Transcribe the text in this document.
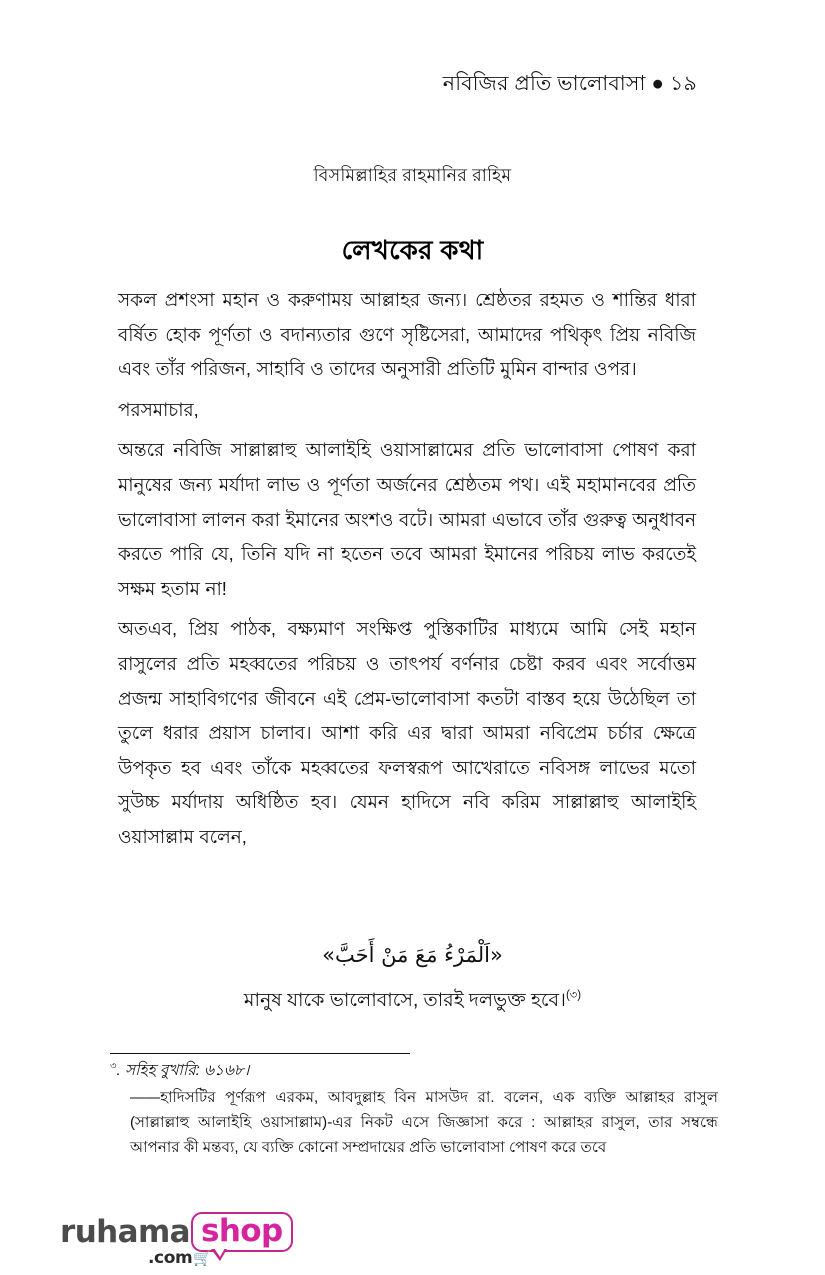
নবিজির প্রতি ভালোবাসা ● ১৯
বিসমিল্লাহির রাহমানির রাহিম
লেখকের কথা

সকল প্রশংসা মহান ও করুণাময় আল্লাহর জন্য। শ্রেষ্ঠতর রহমত ও শান্তির ধারা বর্ষিত হোক পূর্ণতা ও বদান্যতার গুণে সৃষ্টিসেরা, আমাদের পথিকৃৎ প্রিয় নবিজি এবং তাঁর পরিজন, সাহাবি ও তাদের অনুসারী প্রতিটি মুমিন বান্দার ওপর।

পরসমাচার,

অন্তরে নবিজি সাল্লাল্লাহু আলাইহি ওয়াসাল্লামের প্রতি ভালোবাসা পোষণ করা মানুষের জন্য মর্যাদা লাভ ও পূর্ণতা অর্জনের শ্রেষ্ঠতম পথ। এই মহামানবের প্রতি ভালোবাসা লালন করা ইমানের অংশও বটে। আমরা এভাবে তাঁর গুরুত্ব অনুধাবন করতে পারি যে, তিনি যদি না হতেন তবে আমরা ইমানের পরিচয় লাভ করতেই সক্ষম হতাম না!

অতএব, প্রিয় পাঠক, বক্ষ্যমাণ সংক্ষিপ্ত পুস্তিকাটির মাধ্যমে আমি সেই মহান রাসুলের প্রতি মহব্বতের পরিচয় ও তাৎপর্য বর্ণনার চেষ্টা করব এবং সর্বোত্তম প্রজন্ম সাহাবিগণের জীবনে এই প্রেম-ভালোবাসা কতটা বাস্তব হয়ে উঠেছিল তা তুলে ধরার প্রয়াস চালাব। আশা করি এর দ্বারা আমরা নবিপ্রেম চর্চার ক্ষেত্রে উপকৃত হব এবং তাঁকে মহব্বতের ফলস্বরূপ আখেরাতে নবিসঙ্গ লাভের মতো সুউচ্চ মর্যাদায় অধিষ্ঠিত হব। যেমন হাদিসে নবি করিম সাল্লাল্লাহু আলাইহি ওয়াসাল্লাম বলেন,

«اَلْمَرْءُ مَعَ مَنْ أَحَبَّ»
মানুষ যাকে ভালোবাসে, তারই দলভুক্ত হবে।$^{(৩)}$

$^৩$. সহিহ বুখারি: ৬১৬৮।

——হাদিসটির পূর্ণরূপ এরকম, আবদুল্লাহ বিন মাসউদ রা. বলেন, এক ব্যক্তি আল্লাহর রাসুল (সাল্লাল্লাহু আলাইহি ওয়াসাল্লাম)-এর নিকট এসে জিজ্ঞাসা করে : আল্লাহর রাসুল, তার সম্বন্ধে আপনার কী মন্তব্য, যে ব্যক্তি কোনো সম্প্রদায়ের প্রতি ভালোবাসা পোষণ করে তবে

ruhama shop
​.com 🛒
